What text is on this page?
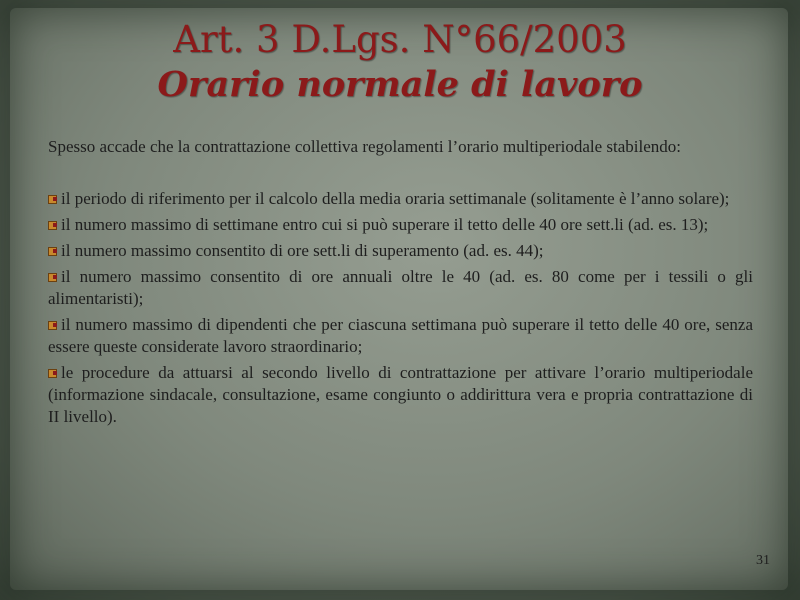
Art. 3 D.Lgs. N°66/2003
Orario normale di lavoro

Spesso accade che la contrattazione collettiva regolamenti l’orario multiperiodale stabilendo:

il periodo di riferimento per il calcolo della media oraria settimanale (solitamente è l’anno solare);
il numero massimo di settimane entro cui si può superare il tetto delle 40 ore sett.li (ad. es. 13);
il numero massimo consentito di ore sett.li di superamento (ad. es. 44);
il numero massimo consentito di ore annuali oltre le 40 (ad. es. 80 come per i tessili o gli alimentaristi);
il numero massimo di dipendenti che per ciascuna settimana può superare il tetto delle 40 ore, senza essere queste considerate lavoro straordinario;
le procedure da attuarsi al secondo livello di contrattazione per attivare l’orario multiperiodale (informazione sindacale, consultazione, esame congiunto o addirittura vera e propria contrattazione di II livello).
31
